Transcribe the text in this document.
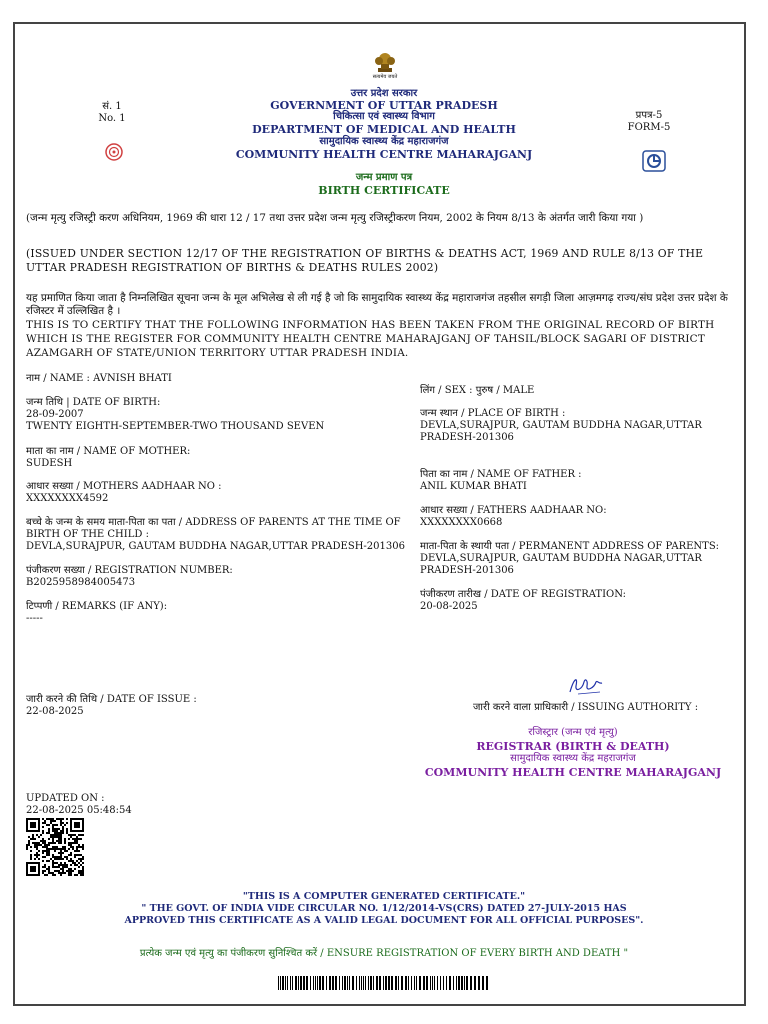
सत्यमेव जयते
सं. 1
No. 1	प्रपत्र-5
FORM-5
उत्तर प्रदेश सरकार
GOVERNMENT OF UTTAR PRADESH
चिकित्सा एवं स्वास्थ्य विभाग
DEPARTMENT OF MEDICAL AND HEALTH
सामुदायिक स्वास्थ्य केंद्र महाराजगंज
COMMUNITY HEALTH CENTRE MAHARAJGANJ
जन्म प्रमाण पत्र
BIRTH CERTIFICATE
(जन्म मृत्यु रजिस्ट्री करण अधिनियम, 1969 की धारा 12 / 17 तथा उत्तर प्रदेश जन्म मृत्यु रजिस्ट्रीकरण नियम, 2002 के नियम 8/13 के अंतर्गत जारी किया गया )
(ISSUED UNDER SECTION 12/17 OF THE REGISTRATION OF BIRTHS & DEATHS ACT, 1969 AND RULE 8/13 OF THE UTTAR PRADESH REGISTRATION OF BIRTHS & DEATHS RULES 2002)
यह प्रमाणित किया जाता है निम्नलिखित सूचना जन्म के मूल अभिलेख से ली गई है जो कि सामुदायिक स्वास्थ्य केंद्र महाराजगंज तहसील सगड़ी जिला आज़मगढ़ राज्य/संघ प्रदेश उत्तर प्रदेश के रजिस्टर में उल्लिखित है ।
THIS IS TO CERTIFY THAT THE FOLLOWING INFORMATION HAS BEEN TAKEN FROM THE ORIGINAL RECORD OF BIRTH WHICH IS THE REGISTER FOR COMMUNITY HEALTH CENTRE MAHARAJGANJ OF TAHSIL/BLOCK SAGARI OF DISTRICT AZAMGARH OF STATE/UNION TERRITORY UTTAR PRADESH INDIA.
नाम / NAME : AVNISH BHATI
जन्म तिथि | DATE OF BIRTH:
28-09-2007
TWENTY EIGHTH-SEPTEMBER-TWO THOUSAND SEVEN
माता का नाम / NAME OF MOTHER:
SUDESH
आधार सख्या / MOTHERS AADHAAR NO :
XXXXXXXX4592
बच्चे के जन्म के समय माता-पिता का पता / ADDRESS OF PARENTS AT THE TIME OF
BIRTH OF THE CHILD :
DEVLA,SURAJPUR, GAUTAM BUDDHA NAGAR,UTTAR PRADESH-201306
पंजीकरण सख्या / REGISTRATION NUMBER:
B2025958984005473
टिप्पणी / REMARKS (IF ANY):
-----
लिंग / SEX : पुरुष / MALE
जन्म स्थान / PLACE OF BIRTH :
DEVLA,SURAJPUR, GAUTAM BUDDHA NAGAR,UTTAR
PRADESH-201306
पिता का नाम / NAME OF FATHER :
ANIL KUMAR BHATI
आधार सख्या / FATHERS AADHAAR NO:
XXXXXXXX0668
माता-पिता के स्थायी पता / PERMANENT ADDRESS OF PARENTS:
DEVLA,SURAJPUR, GAUTAM BUDDHA NAGAR,UTTAR
PRADESH-201306
पंजीकरण तारीख / DATE OF REGISTRATION:
20-08-2025
जारी करने की तिथि / DATE OF ISSUE :
22-08-2025	जारी करने वाला प्राधिकारी / ISSUING AUTHORITY :
रजिस्ट्रार (जन्म एवं मृत्यु)
REGISTRAR (BIRTH & DEATH)
सामुदायिक स्वास्थ्य केंद्र महराजगंज
COMMUNITY HEALTH CENTRE MAHARAJGANJ
UPDATED ON :
22-08-2025 05:48:54
"THIS IS A COMPUTER GENERATED CERTIFICATE."
" THE GOVT. OF INDIA VIDE CIRCULAR NO. 1/12/2014-VS(CRS) DATED 27-JULY-2015 HAS
APPROVED THIS CERTIFICATE AS A VALID LEGAL DOCUMENT FOR ALL OFFICIAL PURPOSES".
प्रत्येक जन्म एवं मृत्यु का पंजीकरण सुनिश्चित करें / ENSURE REGISTRATION OF EVERY BIRTH AND DEATH "
